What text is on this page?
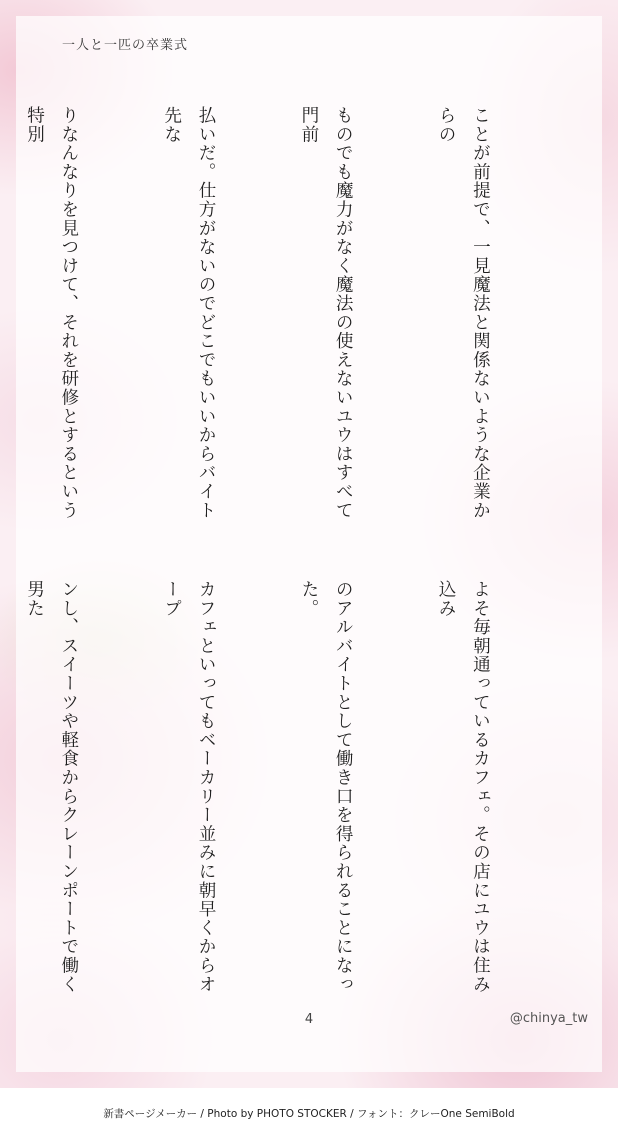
一人と一匹の卒業式

ことが前提で、一見魔法と関係ないような企業からの

ものでも魔力がなく魔法の使えないユウはすべて門前

払いだ。仕方がないのでどこでもいいからバイト先な

りなんなりを見つけて、それを研修とするという特別

よそ毎朝通っているカフェ。その店にユウは住み込み

のアルバイトとして働き口を得られることになった。

カフェといってもベーカリー並みに朝早くからオープ

ンし、スイーツや軽食からクレーンポートで働く男た

4	@chinya_tw
新書ページメーカー / Photo by PHOTO STOCKER / フォント：クレーOne SemiBold
